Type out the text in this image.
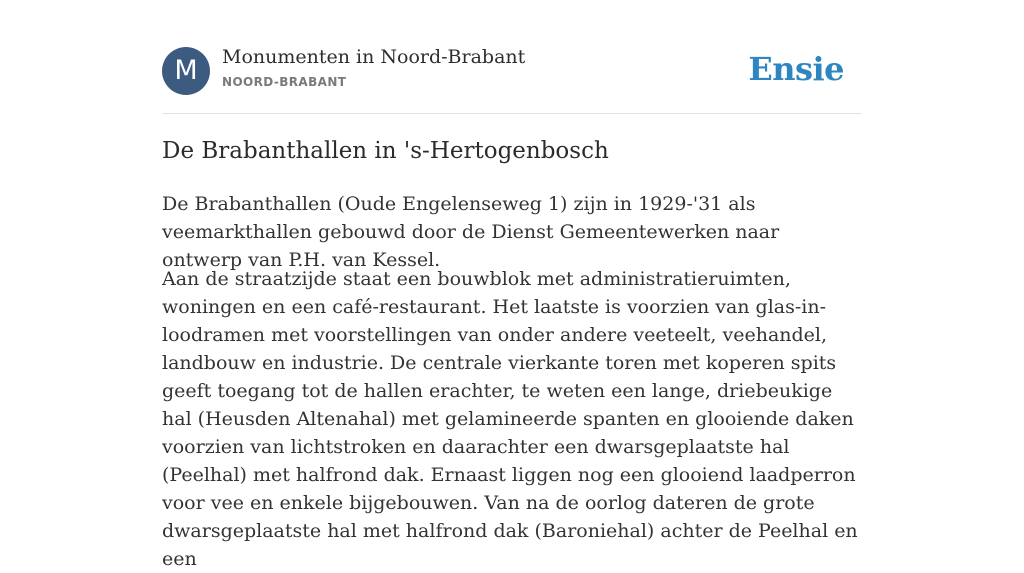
M	Monumenten in Noord-Brabant
NOORD-BRABANT	Ensie
De Brabanthallen in 's-Hertogenbosch
De Brabanthallen (Oude Engelenseweg 1) zijn in 1929-'31 als veemarkthallen gebouwd door de Dienst Gemeentewerken naar ontwerp van P.H. van Kessel.
Aan de straatzijde staat een bouwblok met administratieruimten, woningen en een café-restaurant. Het laatste is voorzien van glas-in-loodramen met voorstellingen van onder andere veeteelt, veehandel, landbouw en industrie. De centrale vierkante toren met koperen spits geeft toegang tot de hallen erachter, te weten een lange, driebeukige hal (Heusden Altenahal) met gelamineerde spanten en glooiende daken voorzien van lichtstroken en daarachter een dwarsgeplaatste hal (Peelhal) met halfrond dak. Ernaast liggen nog een glooiend laadperron voor vee en enkele bijgebouwen. Van na de oorlog dateren de grote dwarsgeplaatste hal met halfrond dak (Baroniehal) achter de Peelhal en een
